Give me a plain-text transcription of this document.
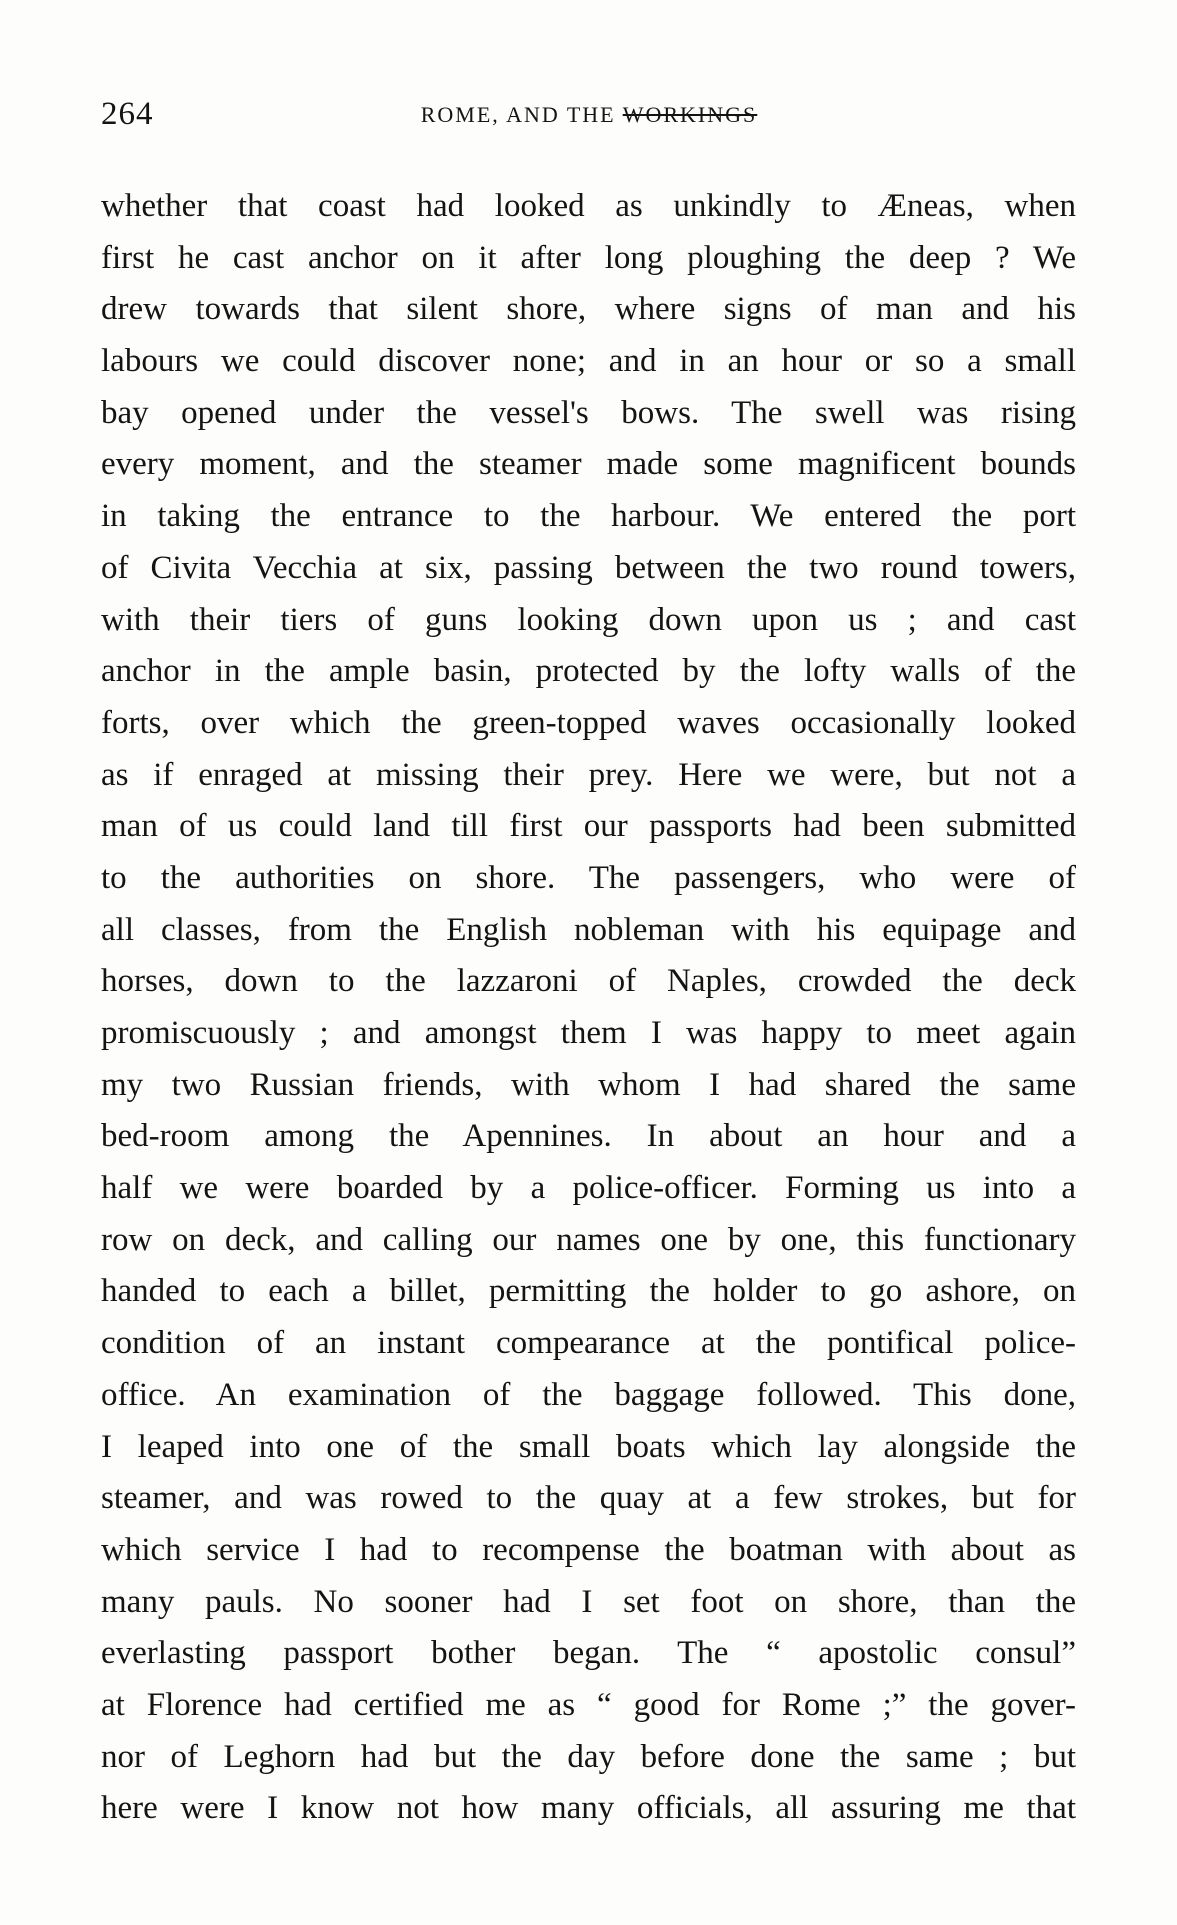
264	ROME, AND THE WORKINGS
whether that coast had looked as unkindly to Æneas, when
first he cast anchor on it after long ploughing the deep ? We
drew towards that silent shore, where signs of man and his
labours we could discover none; and in an hour or so a small
bay opened under the vessel's bows. The swell was rising
every moment, and the steamer made some magnificent bounds
in taking the entrance to the harbour. We entered the port
of Civita Vecchia at six, passing between the two round towers,
with their tiers of guns looking down upon us ; and cast
anchor in the ample basin, protected by the lofty walls of the
forts, over which the green-topped waves occasionally looked
as if enraged at missing their prey. Here we were, but not a
man of us could land till first our passports had been submitted
to the authorities on shore. The passengers, who were of
all classes, from the English nobleman with his equipage and
horses, down to the lazzaroni of Naples, crowded the deck
promiscuously ; and amongst them I was happy to meet again
my two Russian friends, with whom I had shared the same
bed-room among the Apennines. In about an hour and a
half we were boarded by a police-officer. Forming us into a
row on deck, and calling our names one by one, this functionary
handed to each a billet, permitting the holder to go ashore, on
condition of an instant compearance at the pontifical police-
office. An examination of the baggage followed. This done,
I leaped into one of the small boats which lay alongside the
steamer, and was rowed to the quay at a few strokes, but for
which service I had to recompense the boatman with about as
many pauls. No sooner had I set foot on shore, than the
everlasting passport bother began. The “ apostolic consul”
at Florence had certified me as “ good for Rome ;” the gover-
nor of Leghorn had but the day before done the same ; but
here were I know not how many officials, all assuring me that
